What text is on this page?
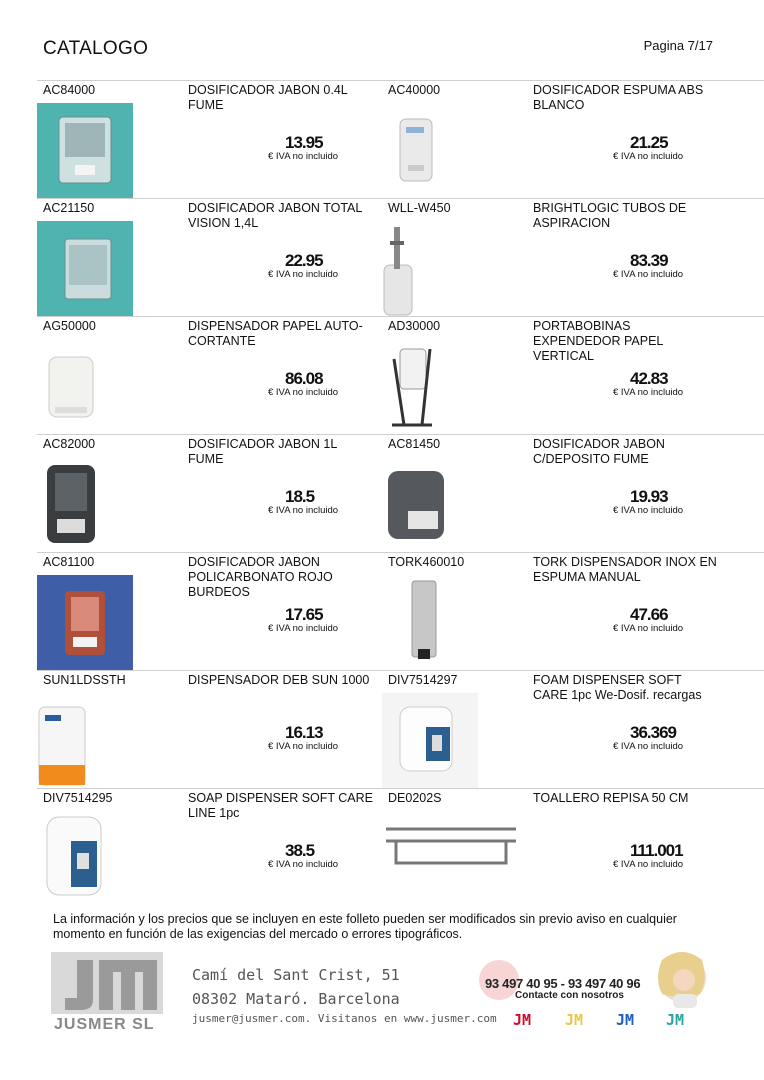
CATALOGO	Pagina 7/17
AC84000	DOSIFICADOR JABON 0.4L FUME
13.95
€ IVA no incluido
AC40000	DOSIFICADOR ESPUMA ABS BLANCO
21.25
€ IVA no incluido
AC21150	DOSIFICADOR JABON TOTAL VISION 1,4L
22.95
€ IVA no incluido
WLL-W450	BRIGHTLOGIC TUBOS DE ASPIRACION
83.39
€ IVA no incluido
AG50000	DISPENSADOR PAPEL AUTO-CORTANTE
86.08
€ IVA no incluido
AD30000	PORTABOBINAS EXPENDEDOR PAPEL VERTICAL
42.83
€ IVA no incluido
AC82000	DOSIFICADOR JABON 1L FUME
18.5
€ IVA no incluido
AC81450	DOSIFICADOR JABON C/DEPOSITO FUME
19.93
€ IVA no incluido
AC81100	DOSIFICADOR JABON POLICARBONATO ROJO BURDEOS
17.65
€ IVA no incluido
TORK460010	TORK DISPENSADOR INOX EN ESPUMA MANUAL
47.66
€ IVA no incluido
SUN1LDSSTH	DISPENSADOR DEB SUN 1000
16.13
€ IVA no incluido
DIV7514297	FOAM DISPENSER SOFT CARE 1pc We-Dosif. recargas
36.369
€ IVA no incluido
DIV7514295	SOAP DISPENSER SOFT CARE LINE 1pc
38.5
€ IVA no incluido
DE0202S	TOALLERO REPISA 50 CM
111.001
€ IVA no incluido
La información y los precios que se incluyen en este folleto pueden ser modificados sin previo aviso en cualquier momento en función de las exigencias del mercado o errores tipográficos.
JUSMER SL
Camí del Sant Crist, 51
08302 Mataró. Barcelona
jusmer@jusmer.com. Visitanos en www.jusmer.com
93 497 40 95 - 93 497 40 96
Contacte con nosotros
JM	JM	JM	JM
